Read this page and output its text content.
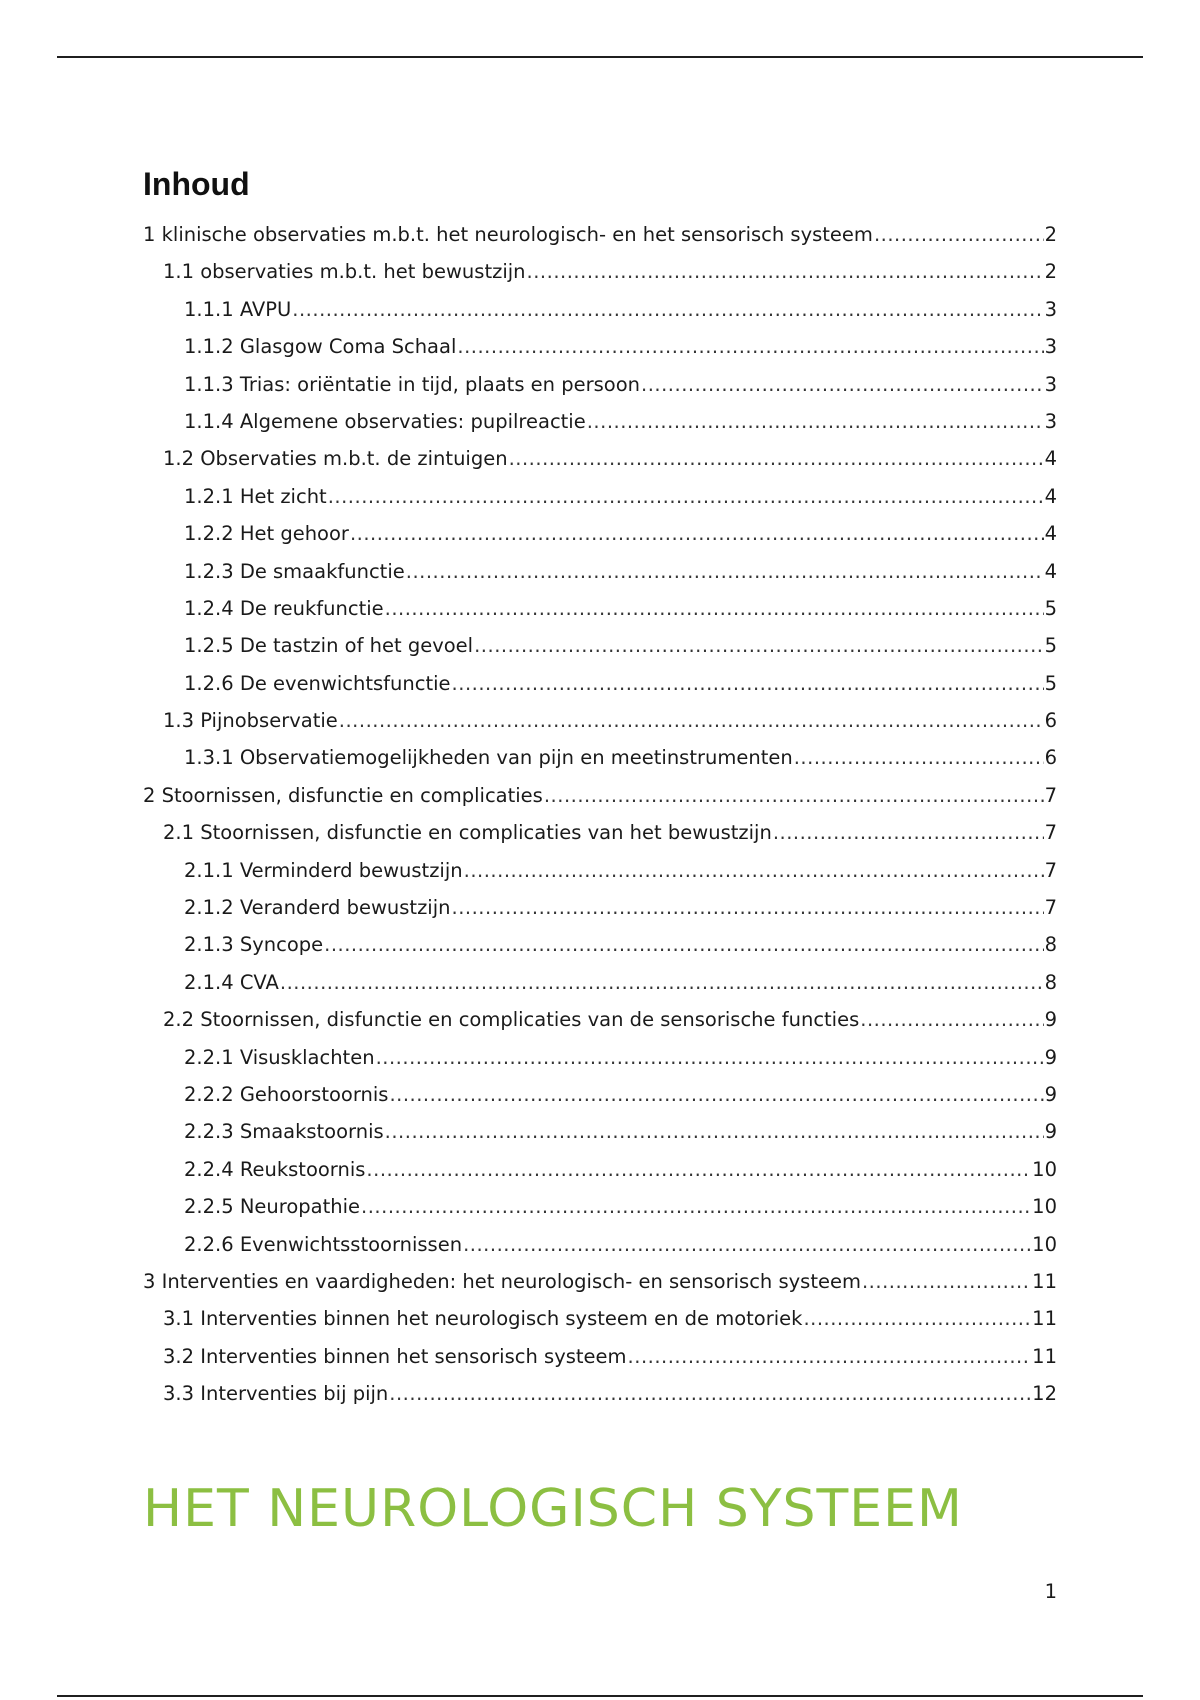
Inhoud
1 klinische observaties m.b.t. het neurologisch- en het sensorisch systeem .....	2
1.1 observaties m.b.t. het bewustzijn .....	2
1.1.1 AVPU .....	3
1.1.2 Glasgow Coma Schaal .....	3
1.1.3 Trias: oriëntatie in tijd, plaats en persoon .....	3
1.1.4 Algemene observaties: pupilreactie .....	3
1.2 Observaties m.b.t. de zintuigen .....	4
1.2.1 Het zicht .....	4
1.2.2 Het gehoor .....	4
1.2.3 De smaakfunctie .....	4
1.2.4 De reukfunctie .....	5
1.2.5 De tastzin of het gevoel .....	5
1.2.6 De evenwichtsfunctie .....	5
1.3 Pijnobservatie .....	6
1.3.1 Observatiemogelijkheden van pijn en meetinstrumenten .....	6
2 Stoornissen, disfunctie en complicaties .....	7
2.1 Stoornissen, disfunctie en complicaties van het bewustzijn .....	7
2.1.1 Verminderd bewustzijn .....	7
2.1.2 Veranderd bewustzijn .....	7
2.1.3 Syncope .....	8
2.1.4 CVA .....	8
2.2 Stoornissen, disfunctie en complicaties van de sensorische functies .....	9
2.2.1 Visusklachten .....	9
2.2.2 Gehoorstoornis .....	9
2.2.3 Smaakstoornis .....	9
2.2.4 Reukstoornis .....	10
2.2.5 Neuropathie .....	10
2.2.6 Evenwichtsstoornissen .....	10
3 Interventies en vaardigheden: het neurologisch- en sensorisch systeem .....	11
3.1 Interventies binnen het neurologisch systeem en de motoriek .....	11
3.2 Interventies binnen het sensorisch systeem .....	11
3.3 Interventies bij pijn .....	12
HET NEUROLOGISCH SYSTEEM
1
